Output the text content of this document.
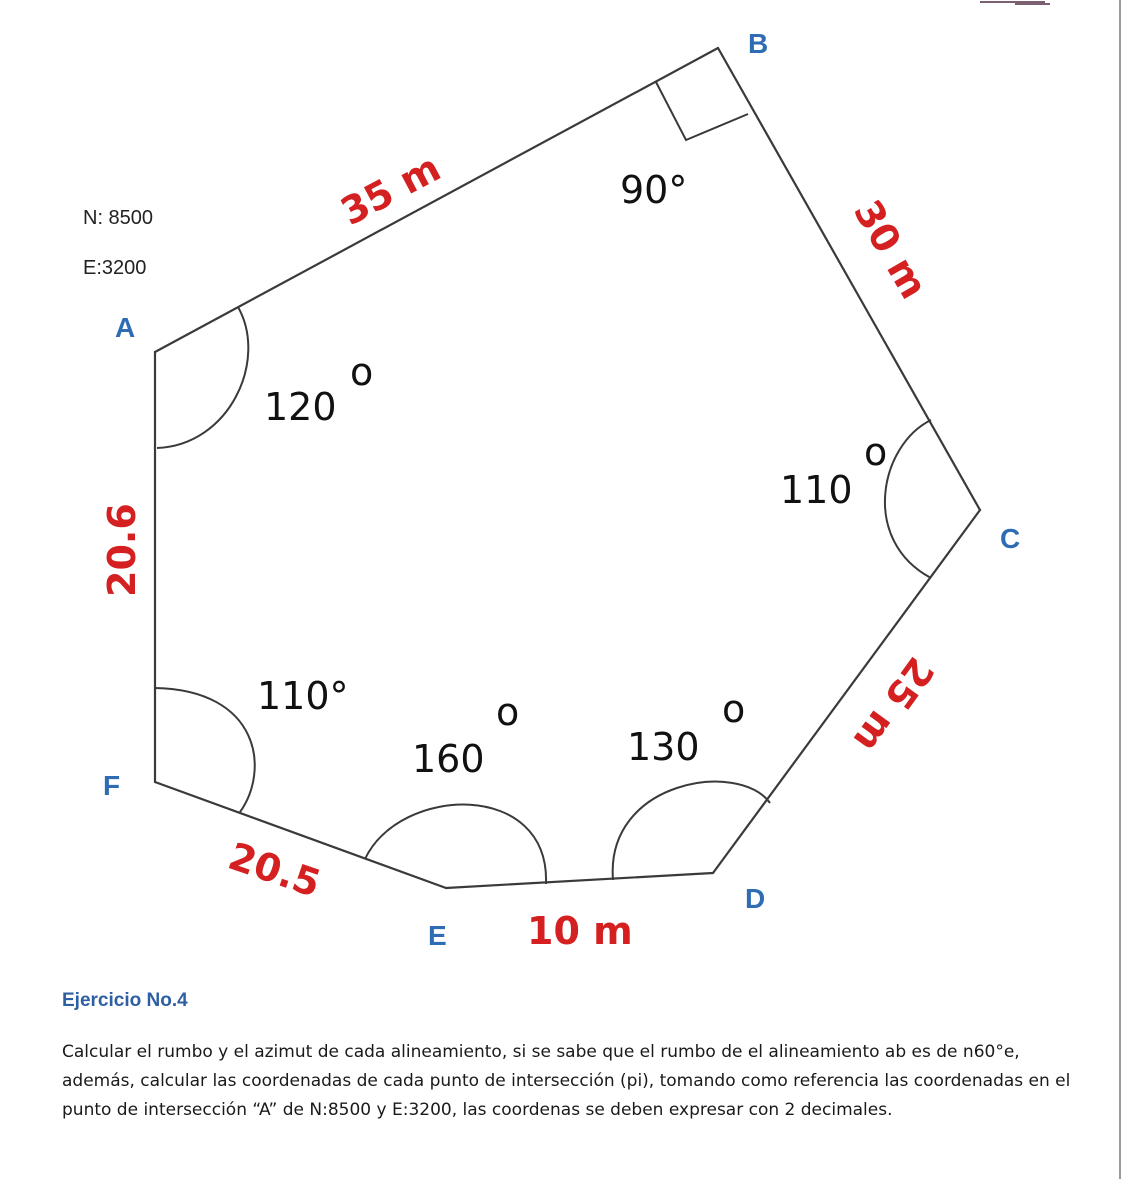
N: 8500
E:3200
B
A
C
F
D
E
35 m
30 m
25 m
10 m
20.5
20.6
90°
120
o
110
o
110°
160
o
130
o
Ejercicio No.4

Calcular el rumbo y el azimut de cada alineamiento, si se sabe que el rumbo de el alineamiento ab es de n60°e, además, calcular las coordenadas de cada punto de intersección (pi), tomando como referencia las coordenadas en el punto de intersección “A” de N:8500 y E:3200, las coordenas se deben expresar con 2 decimales.
